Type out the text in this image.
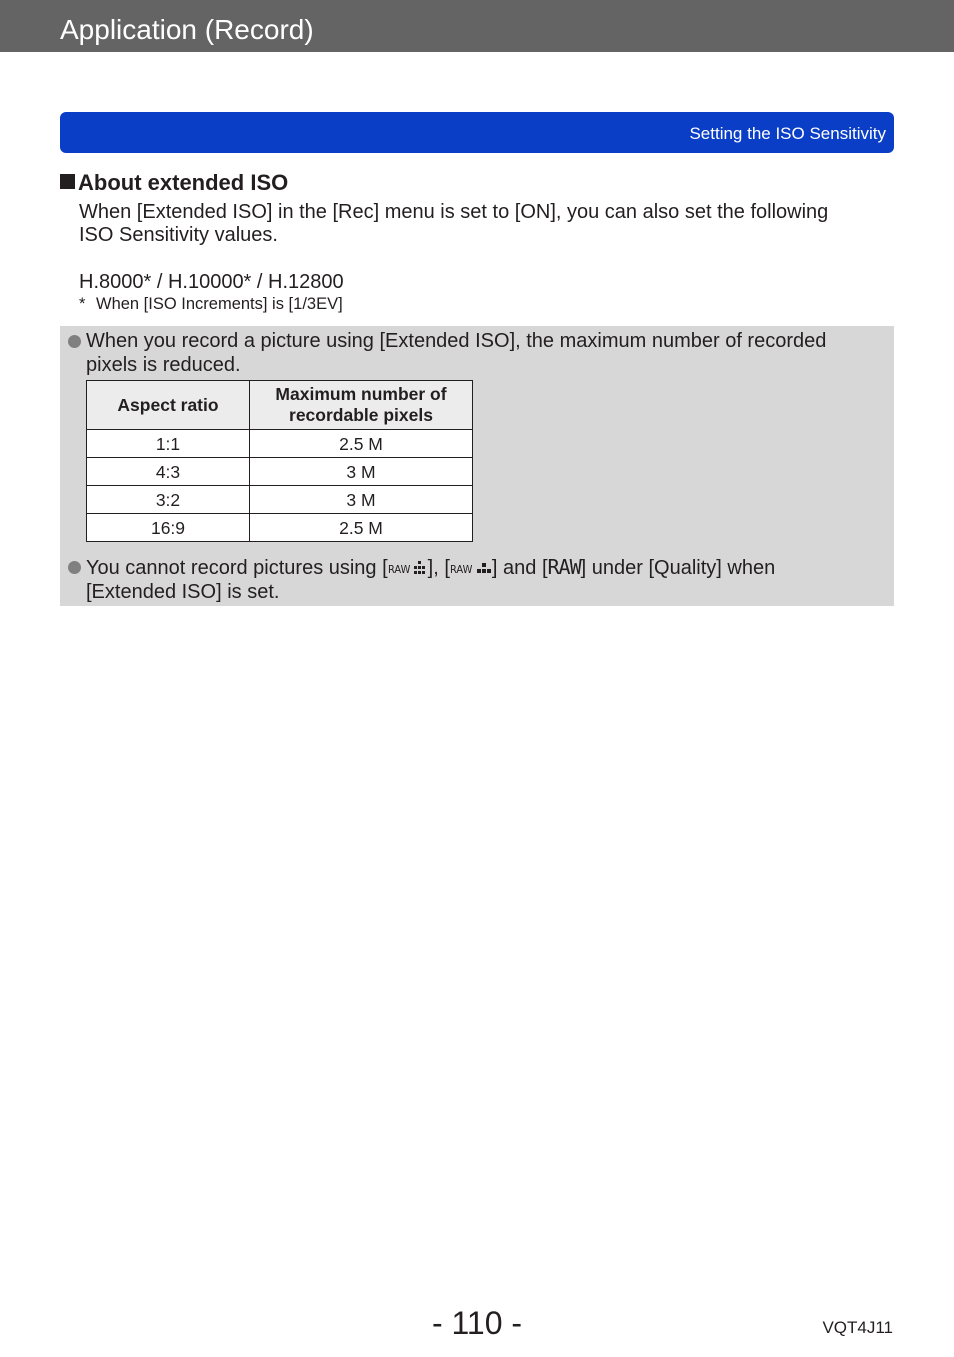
Application (Record)
Setting the ISO Sensitivity
About extended ISO
When [Extended ISO] in the [Rec] menu is set to [ON], you can also set the following
ISO Sensitivity values.
H.8000* / H.10000* / H.12800
* When [ISO Increments] is [1/3EV]
When you record a picture using [Extended ISO], the maximum number of recorded
pixels is reduced.
Aspect ratio	Maximum number of recordable pixels

1:1	2.5 M
4:3	3 M
3:2	3 M
16:9	2.5 M
You cannot record pictures using [ RAW ], [ RAW ] and [RAW] under [Quality] when
[Extended ISO] is set.
- 110 -	VQT4J11
